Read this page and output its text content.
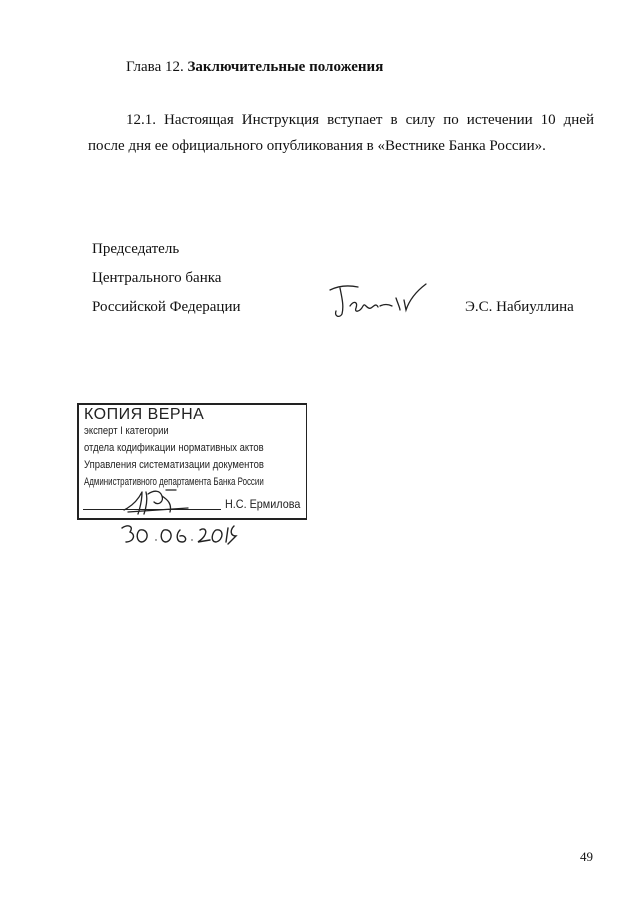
Глава 12. Заключительные положения
12.1. Настоящая Инструкция вступает в силу по истечении 10 дней
после дня ее официального опубликования в «Вестнике Банка России».
Председатель
Центрального банка
Российской Федерации	Э.С. Набиуллина
КОПИЯ ВЕРНА
эксперт I категории
отдела кодификации нормативных актов
Управления систематизации документов
Административного департамента Банка России
Н.С. Ермилова
49
